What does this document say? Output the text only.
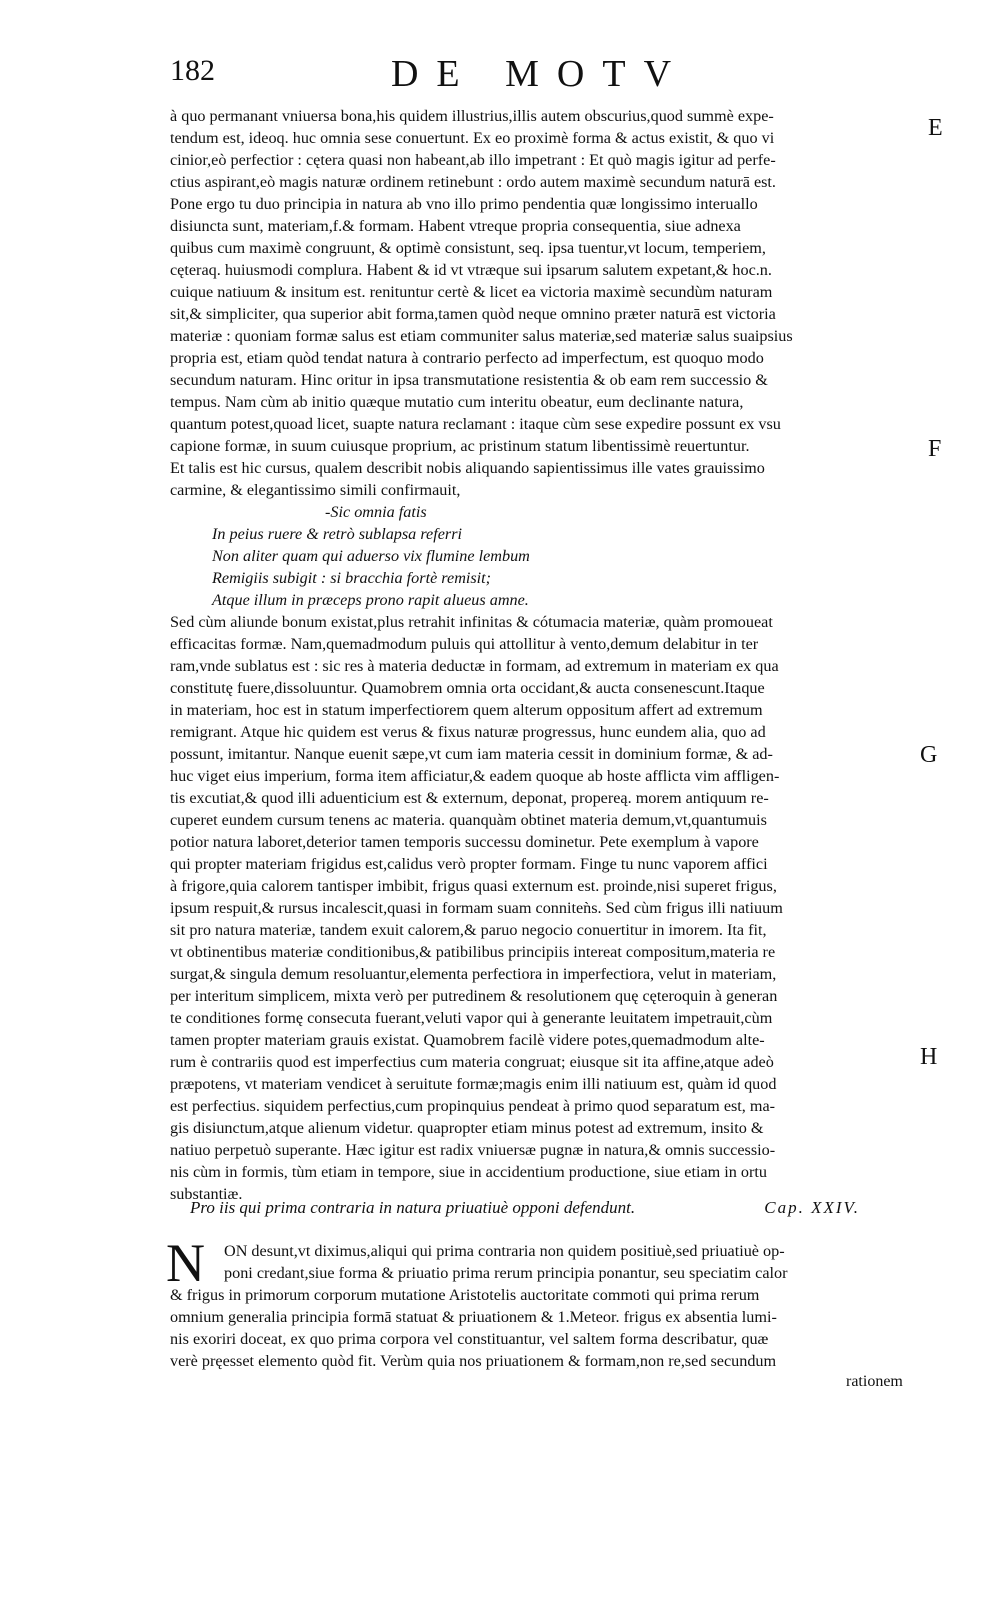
182	DE MOTV
E
F
G
H
à quo permanant vniuersa bona,his quidem illustrius,illis autem obscurius,quod summè expe-
tendum est, ideoq. huc omnia sese conuertunt. Ex eo proximè forma & actus existit, & quo vi
cinior,eò perfectior : cętera quasi non habeant,ab illo impetrant : Et quò magis igitur ad perfe-
ctius aspirant,eò magis naturæ ordinem retinebunt : ordo autem maximè secundum naturā est.
Pone ergo tu duo principia in natura ab vno illo primo pendentia quæ longissimo interuallo
disiuncta sunt, materiam,f.& formam. Habent vtreque propria consequentia, siue adnexa
quibus cum maximè congruunt, & optimè consistunt, seq. ipsa tuentur,vt locum, temperiem,
cęteraq. huiusmodi complura. Habent & id vt vtræque sui ipsarum salutem expetant,& hoc.n.
cuique natiuum & insitum est. renituntur certè & licet ea victoria maximè secundùm naturam
sit,& simpliciter, qua superior abit forma,tamen quòd neque omnino præter naturā est victoria
materiæ : quoniam formæ salus est etiam communiter salus materiæ,sed materiæ salus suaipsius
propria est, etiam quòd tendat natura à contrario perfecto ad imperfectum, est quoquo modo
secundum naturam. Hinc oritur in ipsa transmutatione resistentia & ob eam rem successio &
tempus. Nam cùm ab initio quæque mutatio cum interitu obeatur, eum declinante natura,
quantum potest,quoad licet, suapte natura reclamant : itaque cùm sese expedire possunt ex vsu
capione formæ, in suum cuiusque proprium, ac pristinum statum libentissimè reuertuntur.
Et talis est hic cursus, qualem describit nobis aliquando sapientissimus ille vates grauissimo
carmine, & elegantissimo simili confirmauit,
-Sic omnia fatis
In peius ruere & retrò sublapsa referri
Non aliter quam qui aduerso vix flumine lembum
Remigiis subigit : si bracchia fortè remisit;
Atque illum in præceps prono rapit alueus amne.
Sed cùm aliunde bonum existat,plus retrahit infinitas & cótumacia materiæ, quàm promoueat
efficacitas formæ. Nam,quemadmodum puluis qui attollitur à vento,demum delabitur in ter
ram,vnde sublatus est : sic res à materia deductæ in formam, ad extremum in materiam ex qua
constitutę fuere,dissoluuntur. Quamobrem omnia orta occidant,& aucta consenescunt.Itaque
in materiam, hoc est in statum imperfectiorem quem alterum oppositum affert ad extremum
remigrant. Atque hic quidem est verus & fixus naturæ progressus, hunc eundem alia, quo ad
possunt, imitantur. Nanque euenit sæpe,vt cum iam materia cessit in dominium formæ, & ad-
huc viget eius imperium, forma item afficiatur,& eadem quoque ab hoste afflicta vim affligen-
tis excutiat,& quod illi aduenticium est & externum, deponat, propereą. morem antiquum re-
cuperet eundem cursum tenens ac materia. quanquàm obtinet materia demum,vt,quantumuis
potior natura laboret,deterior tamen temporis successu dominetur. Pete exemplum à vapore
qui propter materiam frigidus est,calidus verò propter formam. Finge tu nunc vaporem affici
à frigore,quia calorem tantisper imbibit, frigus quasi externum est. proinde,nisi superet frigus,
ipsum respuit,& rursus incalescit,quasi in formam suam conniteǹs. Sed cùm frigus illi natiuum
sit pro natura materiæ, tandem exuit calorem,& paruo negocio conuertitur in imorem. Ita fit,
vt obtinentibus materiæ conditionibus,& patibilibus principiis intereat compositum,materia re
surgat,& singula demum resoluantur,elementa perfectiora in imperfectiora, velut in materiam,
per interitum simplicem, mixta verò per putredinem & resolutionem quę cęteroquin à generan
te conditiones formę consecuta fuerant,veluti vapor qui à generante leuitatem impetrauit,cùm
tamen propter materiam grauis existat. Quamobrem facilè videre potes,quemadmodum alte-
rum è contrariis quod est imperfectius cum materia congruat; eiusque sit ita affine,atque adeò
præpotens, vt materiam vendicet à seruitute formæ;magis enim illi natiuum est, quàm id quod
est perfectius. siquidem perfectius,cum propinquius pendeat à primo quod separatum est, ma-
gis disiunctum,atque alienum videtur. quapropter etiam minus potest ad extremum, insito &
natiuo perpetuò superante. Hæc igitur est radix vniuersæ pugnæ in natura,& omnis successio-
nis cùm in formis, tùm etiam in tempore, siue in accidentium productione, siue etiam in ortu
substantiæ.
Pro iis qui prima contraria in natura priuatiuè opponi defendunt.	Cap. XXIV.
N	ON desunt,vt diximus,aliqui qui prima contraria non quidem positiuè,sed priuatiuè op-
poni credant,siue forma & priuatio prima rerum principia ponantur, seu speciatim calor
& frigus in primorum corporum mutatione Aristotelis auctoritate commoti qui prima rerum
omnium generalia principia formā statuat & priuationem & 1.Meteor. frigus ex absentia lumi-
nis exoriri doceat, ex quo prima corpora vel constituantur, vel saltem forma describatur, quæ
verè pręesset elemento quòd fit. Verùm quia nos priuationem & formam,non re,sed secundum
rationem
